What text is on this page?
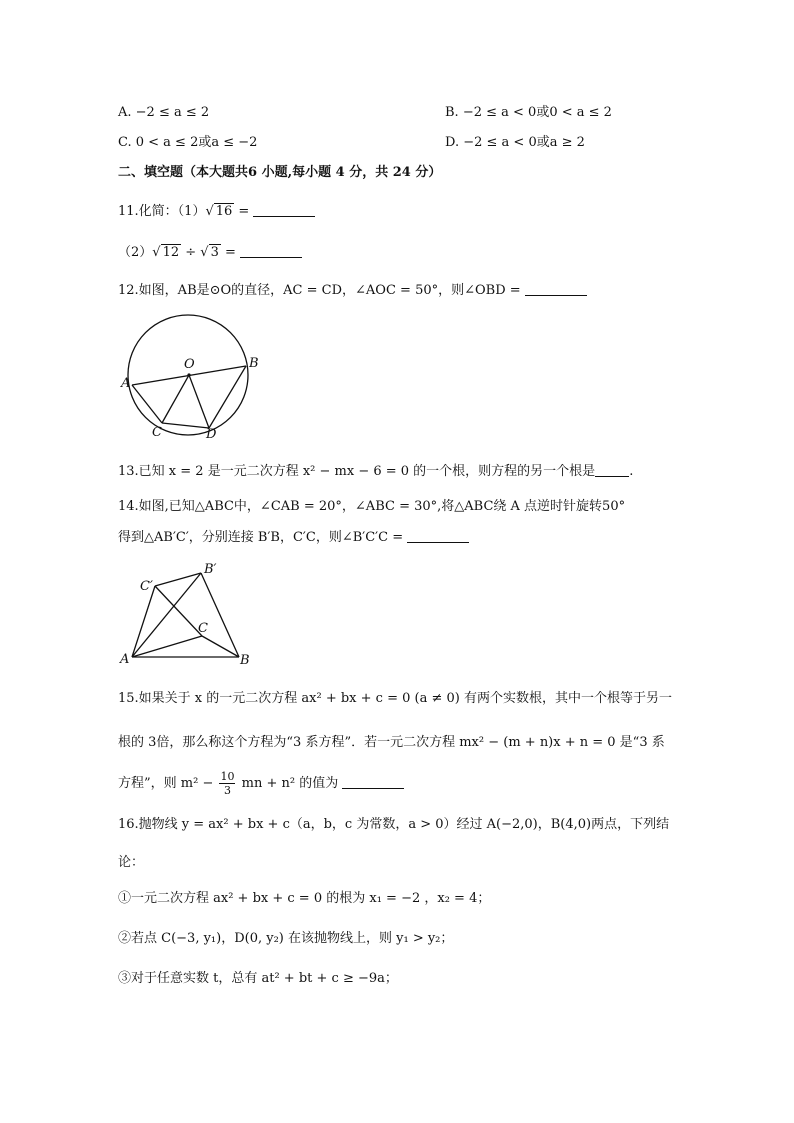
A. −2 ≤ a ≤ 2	B. −2 ≤ a < 0或0 < a ≤ 2
C. 0 < a ≤ 2或a ≤ −2	D. −2 ≤ a < 0或a ≥ 2
二、填空题（本大题共6 小题,每小题 4 分，共 24 分）
11.化简：（1）√ 16 =
（2）√ 12 ÷ √ 3 =
12.如图，AB是⊙O的直径，AC = CD，∠AOC = 50°，则∠OBD =
O
A
B
C	D
13.已知 x = 2 是一元二次方程 x² − mx − 6 = 0 的一个根，则方程的另一个根是	.
14.如图,已知△ABC中，∠CAB = 20°，∠ABC = 30°,将△ABC绕 A 点逆时针旋转50°
得到△AB′C′，分别连接 B′B，C′C，则∠B′C′C =
C′
B′
C
A	B
15.如果关于 x 的一元二次方程 ax² + bx + c = 0 (a ≠ 0) 有两个实数根，其中一个根等于另一
根的 3倍，那么称这个方程为“3 系方程”．若一元二次方程 mx² − (m + n)x + n = 0 是“3 系
方程”，则 $m^2 - \frac{10}{3}$ mn + n² 的值为
16.抛物线 y = ax² + bx + c（a，b，c 为常数，a > 0）经过 A(−2,0)，B(4,0)两点，下列结
论：
①一元二次方程 ax² + bx + c = 0 的根为 x₁ = −2 ，x₂ = 4；
②若点 C(−3, y₁)，D(0, y₂) 在该抛物线上，则 y₁ > y₂；
③对于任意实数 t，总有 at² + bt + c ≥ −9a；
